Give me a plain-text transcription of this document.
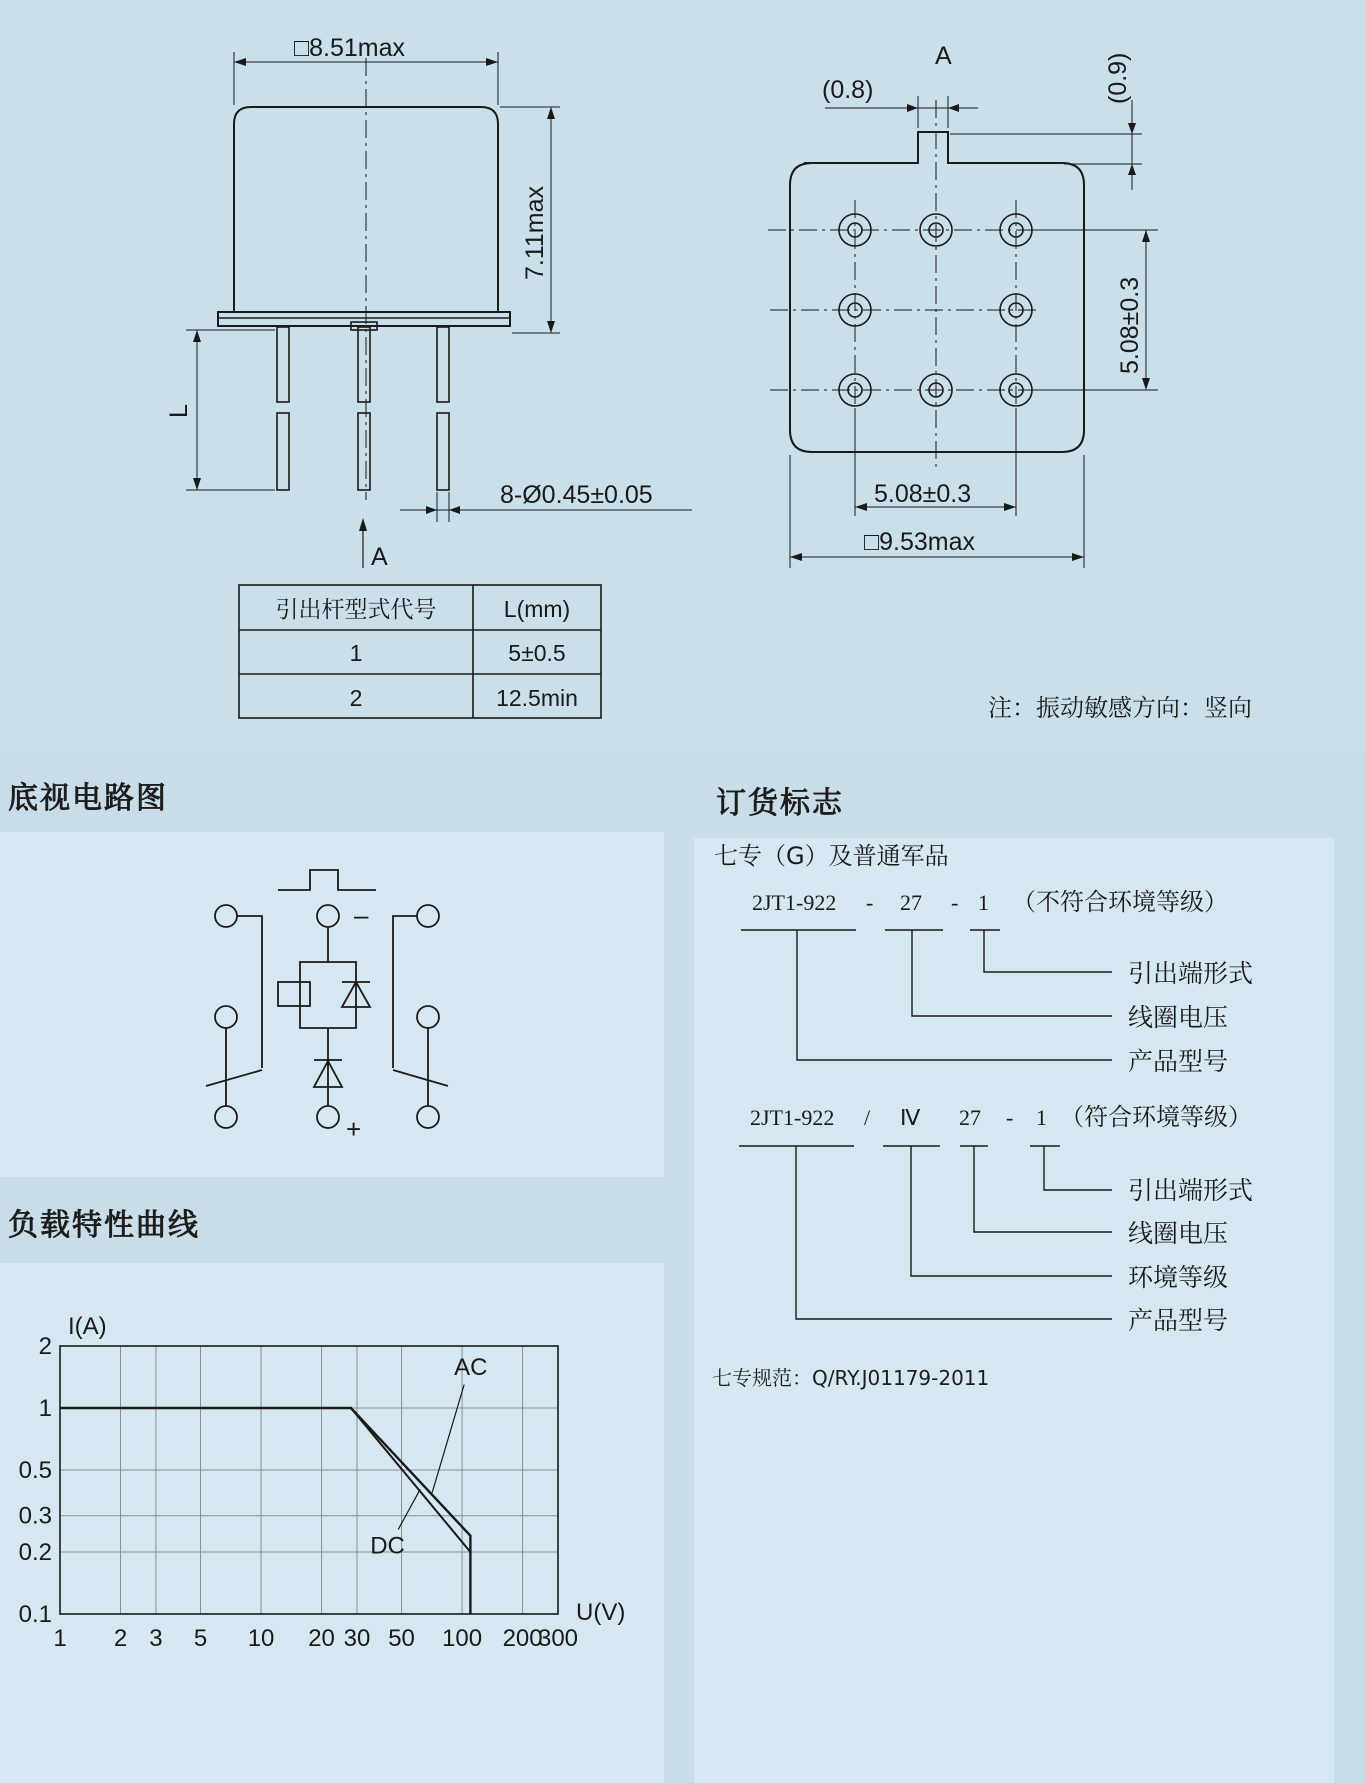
□8.51max
7.11max
L
8-Ø0.45±0.05
A
A
(0.8)	(0.9)
5.08±0.3
5.08±0.3
□9.53max
引出杆型式代号	L(mm)
1	5±0.5
2	12.5min	注：振动敏感方向：竖向
底视电路图
负载特性曲线
订货标志
–
+
1 2 3 5 10 20 30 50 100 200
300
2
1
0.5
0.3
0.2
0.1
I(A)
U(V)
AC
DC
七专（G）及普通军品
2JT1-922 - 27 - 1 （不符合环境等级）
引出端形式
线圈电压
产品型号
2JT1-922 / Ⅳ 27 - 1 （符合环境等级）
引出端形式
线圈电压
环境等级
产品型号
七专规范：Q/RY.J01179-2011
